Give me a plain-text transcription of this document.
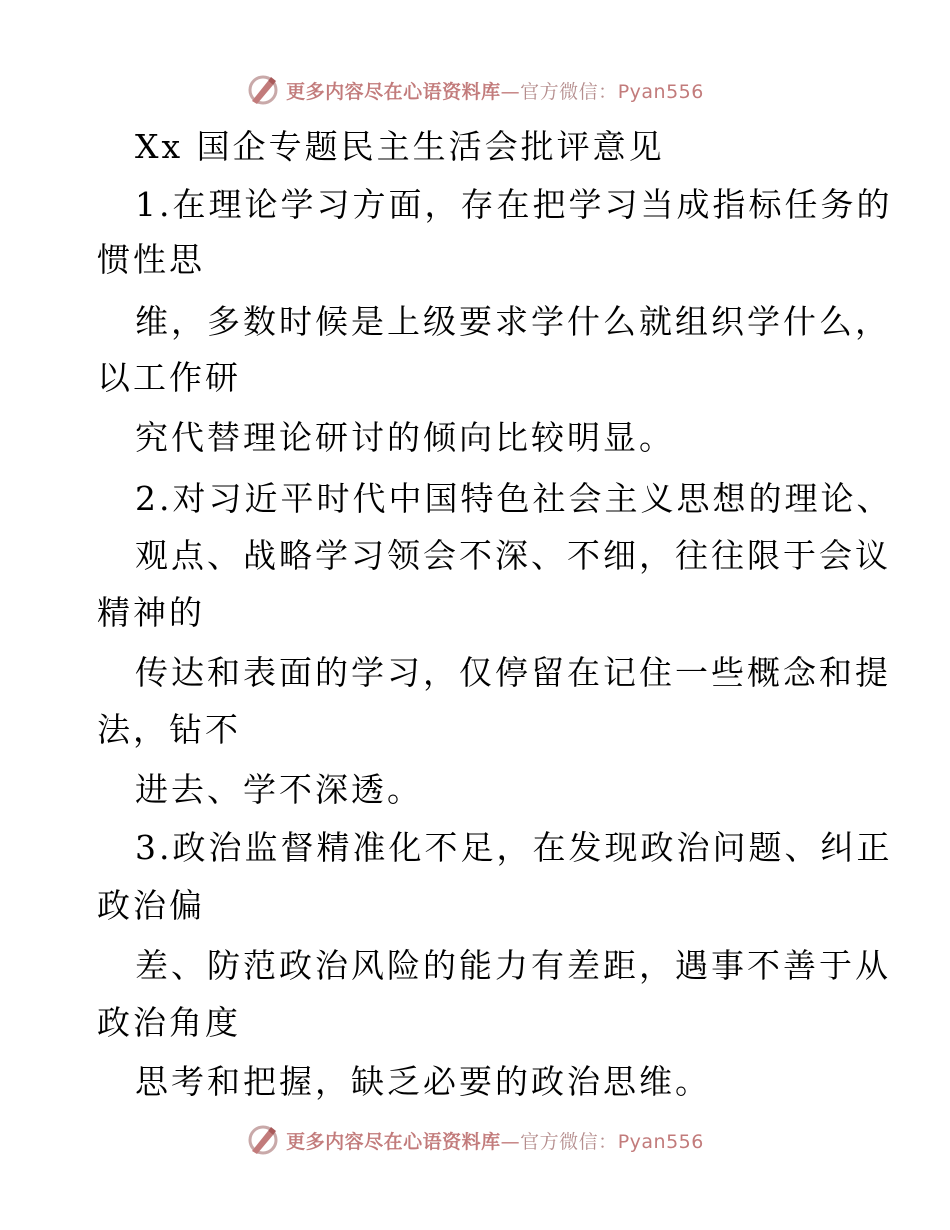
更多内容尽在心语资料库—官方微信：Pyan556
Xx 国企专题民主生活会批评意见
1.在理论学习方面，存在把学习当成指标任务的
惯性思
维，多数时候是上级要求学什么就组织学什么，
以工作研
究代替理论研讨的倾向比较明显。
2.对习近平时代中国特色社会主义思想的理论、
观点、战略学习领会不深、不细，往往限于会议
精神的
传达和表面的学习，仅停留在记住一些概念和提
法，钻不
进去、学不深透。
3.政治监督精准化不足，在发现政治问题、纠正
政治偏
差、防范政治风险的能力有差距，遇事不善于从
政治角度
思考和把握，缺乏必要的政治思维。
更多内容尽在心语资料库—官方微信：Pyan556
